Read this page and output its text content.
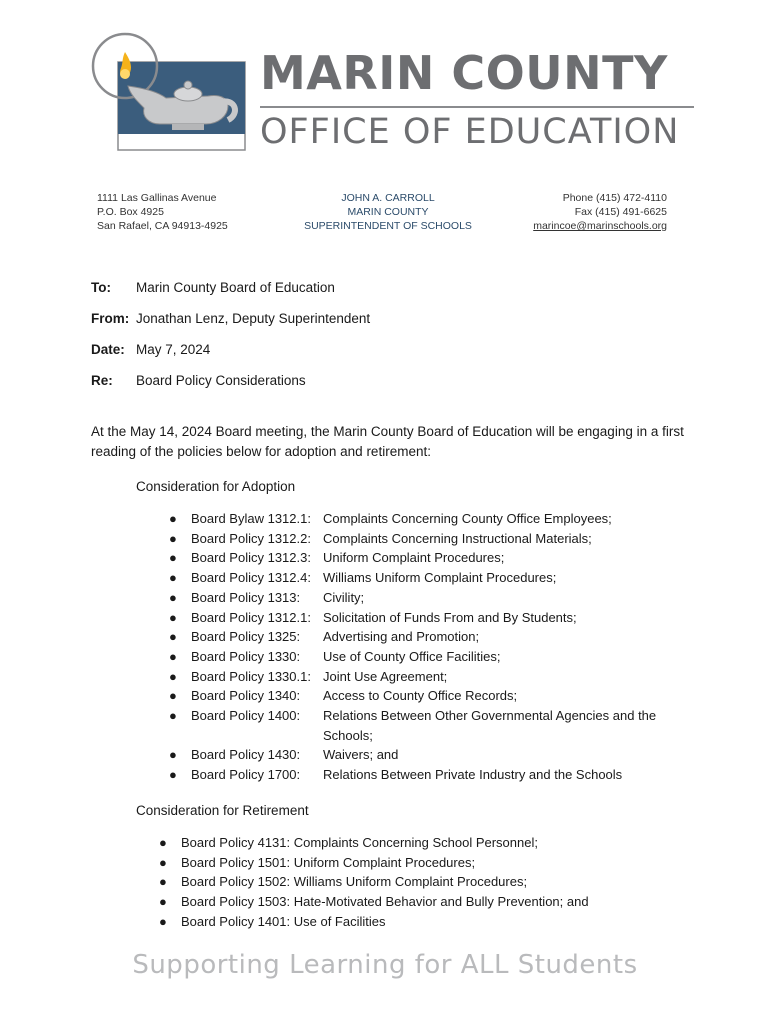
MARIN COUNTY
OFFICE OF EDUCATION
1111 Las Gallinas Avenue
P.O. Box 4925
San Rafael, CA 94913-4925
JOHN A. CARROLL
MARIN COUNTY
SUPERINTENDENT OF SCHOOLS
Phone (415) 472-4110
Fax (415) 491-6625
marincoe@marinschools.org
To: Marin County Board of Education
From: Jonathan Lenz, Deputy Superintendent
Date: May 7, 2024
Re: Board Policy Considerations
At the May 14, 2024 Board meeting, the Marin County Board of Education will be engaging in a first reading of the policies below for adoption and retirement:
Consideration for Adoption
● Board Bylaw 1312.1: Complaints Concerning County Office Employees;
● Board Policy 1312.2: Complaints Concerning Instructional Materials;
● Board Policy 1312.3: Uniform Complaint Procedures;
● Board Policy 1312.4: Williams Uniform Complaint Procedures;
● Board Policy 1313: Civility;
● Board Policy 1312.1: Solicitation of Funds From and By Students;
● Board Policy 1325: Advertising and Promotion;
● Board Policy 1330: Use of County Office Facilities;
● Board Policy 1330.1: Joint Use Agreement;
● Board Policy 1340: Access to County Office Records;
● Board Policy 1400: Relations Between Other Governmental Agencies and the Schools;
● Board Policy 1430: Waivers; and
● Board Policy 1700: Relations Between Private Industry and the Schools
Consideration for Retirement
● Board Policy 4131: Complaints Concerning School Personnel;
● Board Policy 1501: Uniform Complaint Procedures;
● Board Policy 1502: Williams Uniform Complaint Procedures;
● Board Policy 1503: Hate-Motivated Behavior and Bully Prevention; and
● Board Policy 1401: Use of Facilities
Supporting Learning for ALL Students
